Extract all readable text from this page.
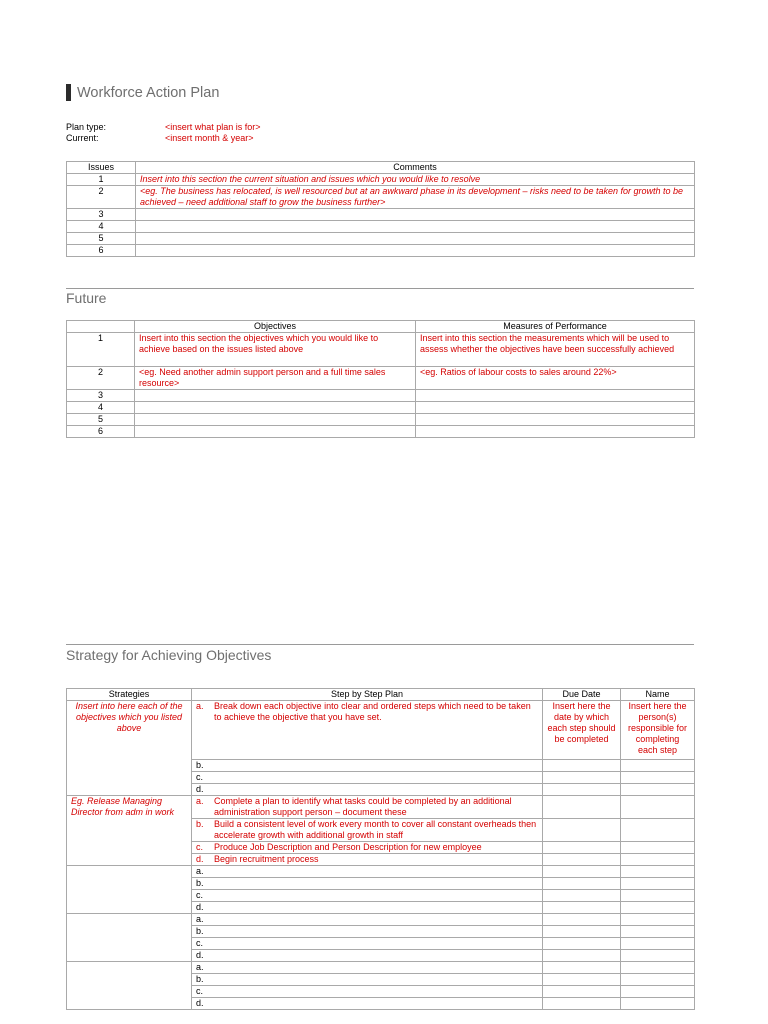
Workforce Action Plan
Plan type:	<insert what plan is for>
Current:	<insert month & year>
Issues	Comments
1	Insert into this section the current situation and issues which you would like to resolve
2	<eg. The business has relocated, is well resourced but at an awkward phase in its development – risks need to be taken for growth to be achieved – need additional staff to grow the business further>
3	
4	
5	
6	
Future
	Objectives	Measures of Performance
1	Insert into this section the objectives which you would like to achieve based on the issues listed above	Insert into this section the measurements which will be used to assess whether the objectives have been successfully achieved
2	<eg. Need another admin support person and a full time sales resource>	<eg. Ratios of labour costs to sales around 22%>
3		
4		
5		
6		
Strategy for Achieving Objectives
Strategies	Step by Step Plan	Due Date	Name
Insert into here each of the objectives which you listed above	a. Break down each objective into clear and ordered steps which need to be taken to achieve the objective that you have set.	Insert here the date by which each step should be completed	Insert here the person(s) responsible for completing each step

	b.		

	c.		

	d.		

Eg. Release Managing Director from adm in work	a. Complete a plan to identify what tasks could be completed by an additional administration support person – document these		

	b. Build a consistent level of work every month to cover all constant overheads then accelerate growth with additional growth in staff		

	c. Produce Job Description and Person Description for new employee		

	d. Begin recruitment process		

	a.		

	b.		

	c.		

	d.		

	a.		

	b.		

	c.		

	d.		

	a.		

	b.		

	c.		

	d.		
